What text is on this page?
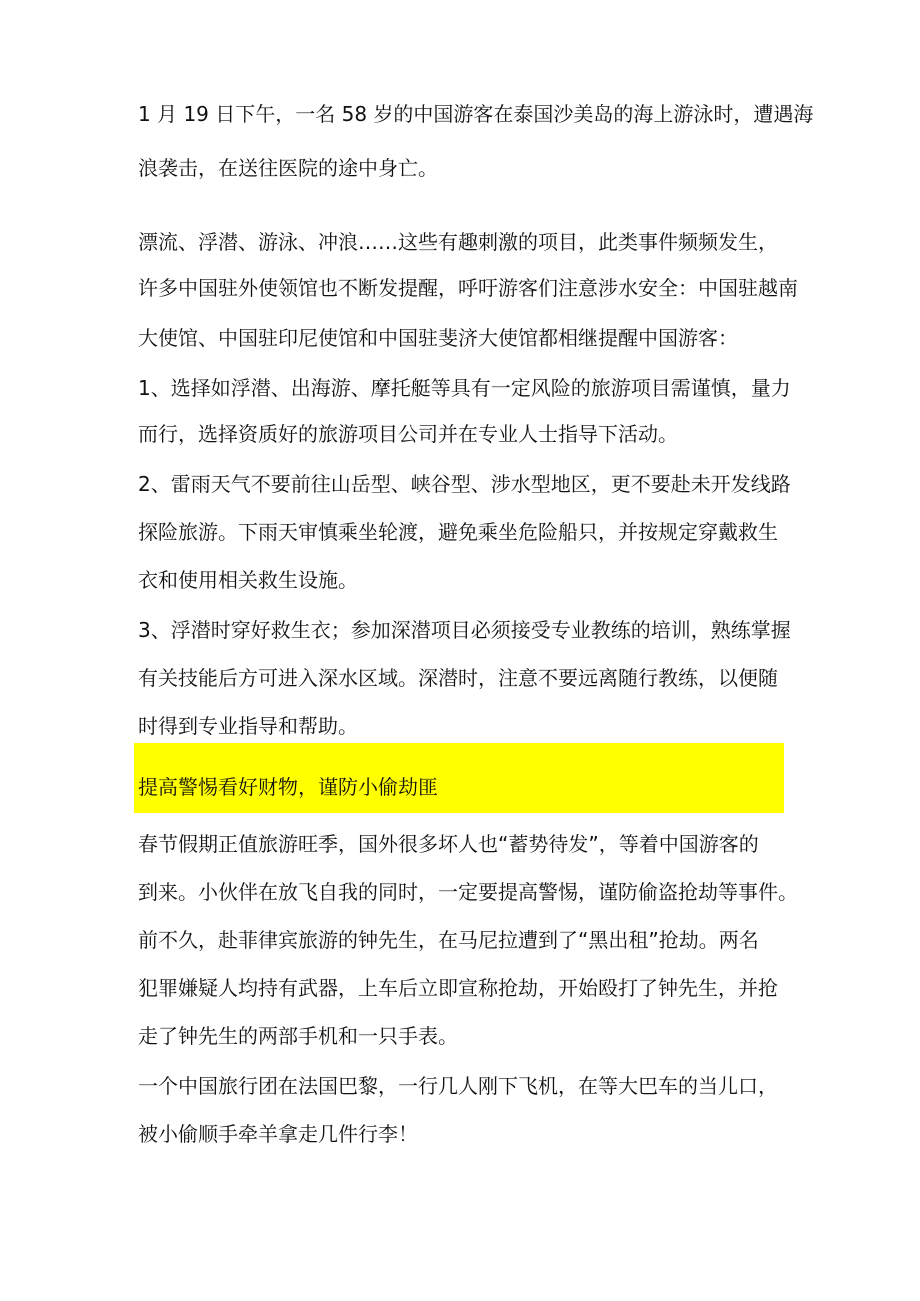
1 月 19 日下午，一名 58 岁的中国游客在泰国沙美岛的海上游泳时，遭遇海
浪袭击，在送往医院的途中身亡。
漂流、浮潜、游泳、冲浪……这些有趣刺激的项目，此类事件频频发生，
许多中国驻外使领馆也不断发提醒，呼吁游客们注意涉水安全：中国驻越南
大使馆、中国驻印尼使馆和中国驻斐济大使馆都相继提醒中国游客：
1、选择如浮潜、出海游、摩托艇等具有一定风险的旅游项目需谨慎，量力
而行，选择资质好的旅游项目公司并在专业人士指导下活动。
2、雷雨天气不要前往山岳型、峡谷型、涉水型地区，更不要赴未开发线路
探险旅游。下雨天审慎乘坐轮渡，避免乘坐危险船只，并按规定穿戴救生
衣和使用相关救生设施。
3、浮潜时穿好救生衣；参加深潜项目必须接受专业教练的培训，熟练掌握
有关技能后方可进入深水区域。深潜时，注意不要远离随行教练，以便随
时得到专业指导和帮助。
提高警惕看好财物，谨防小偷劫匪
春节假期正值旅游旺季，国外很多坏人也“蓄势待发”，等着中国游客的
到来。小伙伴在放飞自我的同时，一定要提高警惕，谨防偷盗抢劫等事件。
前不久，赴菲律宾旅游的钟先生，在马尼拉遭到了“黑出租”抢劫。两名
犯罪嫌疑人均持有武器，上车后立即宣称抢劫，开始殴打了钟先生，并抢
走了钟先生的两部手机和一只手表。
一个中国旅行团在法国巴黎，一行几人刚下飞机，在等大巴车的当儿口，
被小偷顺手牵羊拿走几件行李！
